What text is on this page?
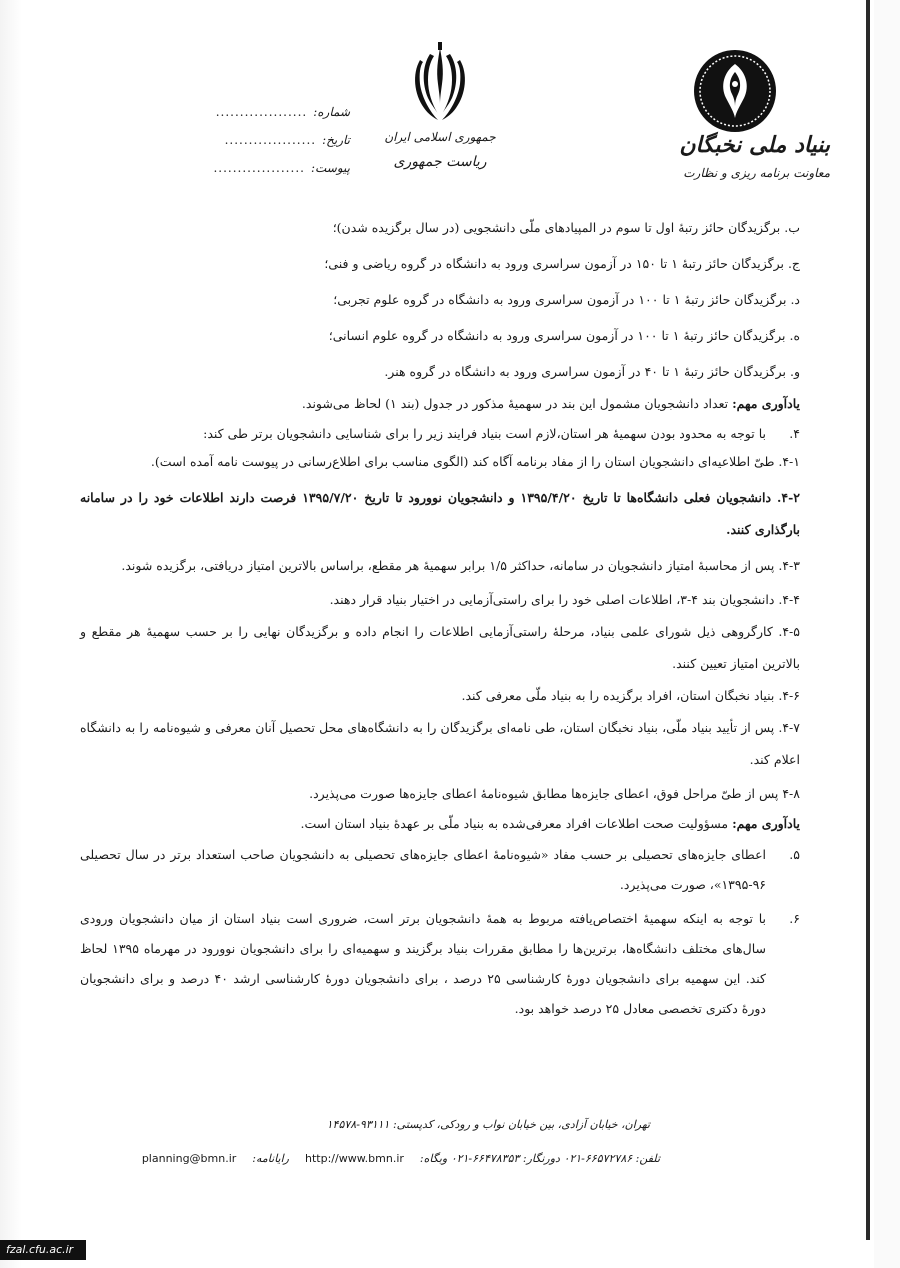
شماره:
...................
تاریخ:
...................
پیوست:
...................
جمهوری اسلامی ایران
ریاست جمهوری
بنیاد ملی نخبگان
معاونت برنامه ریزی و نظارت

ب. برگزیدگان حائز رتبهٔ اول تا سوم در المپیادهای ملّی دانشجویی (در سال برگزیده شدن)؛

ج. برگزیدگان حائز رتبهٔ ۱ تا ۱۵۰ در آزمون سراسری ورود به دانشگاه در گروه ریاضی و فنی؛

د. برگزیدگان حائز رتبهٔ ۱ تا ۱۰۰ در آزمون سراسری ورود به دانشگاه در گروه علوم تجربی؛

ه. برگزیدگان حائز رتبهٔ ۱ تا ۱۰۰ در آزمون سراسری ورود به دانشگاه در گروه علوم انسانی؛

و. برگزیدگان حائز رتبهٔ ۱ تا ۴۰ در آزمون سراسری ورود به دانشگاه در گروه هنر.

یادآوری مهم: تعداد دانشجویان مشمول این بند در سهمیهٔ مذکور در جدول (بند ۱) لحاظ می‌شوند.

۴.
با توجه به محدود بودن سهمیهٔ هر استان،لازم است بنیاد فرایند زیر را برای شناسایی دانشجویان برتر طی کند:

۴-۱. طیّ اطلاعیه‌ای دانشجویان استان را از مفاد برنامه آگاه کند (الگوی مناسب برای اطلاع‌رسانی در پیوست نامه آمده است).

۴-۲. دانشجویان فعلی دانشگاه‌ها تا تاریخ ۱۳۹۵/۴/۲۰ و دانشجویان نوورود تا تاریخ ۱۳۹۵/۷/۲۰ فرصت دارند اطلاعات خود را در سامانه بارگذاری کنند.

۴-۳. پس از محاسبهٔ امتیاز دانشجویان در سامانه، حداکثر ۱/۵ برابر سهمیهٔ هر مقطع، براساس بالاترین امتیاز دریافتی، برگزیده شوند.

۴-۴. دانشجویان بند ۴-۳، اطلاعات اصلی خود را برای راستی‌آزمایی در اختیار بنیاد قرار دهند.

۴-۵. کارگروهی ذیل شورای علمی بنیاد، مرحلهٔ راستی‌آزمایی اطلاعات را انجام داده و برگزیدگان نهایی را بر حسب سهمیهٔ هر مقطع و بالاترین امتیاز تعیین کنند.

۴-۶. بنیاد نخبگان استان، افراد برگزیده را به بنیاد ملّی معرفی کند.

۴-۷. پس از تأیید بنیاد ملّی، بنیاد نخبگان استان، طی نامه‌ای برگزیدگان را به دانشگاه‌های محل تحصیل آنان معرفی و شیوه‌نامه را به دانشگاه اعلام کند.

۴-۸ پس از طیّ مراحل فوق، اعطای جایزه‌ها مطابق شیوه‌نامهٔ اعطای جایزه‌ها صورت می‌پذیرد.

یادآوری مهم: مسؤولیت صحت اطلاعات افراد معرفی‌شده به بنیاد ملّی بر عهدهٔ بنیاد استان است.

۵.
اعطای جایزه‌های تحصیلی بر حسب مفاد «شیوه‌نامهٔ اعطای جایزه‌های تحصیلی به دانشجویان صاحب استعداد برتر در سال تحصیلی ۹۶-۱۳۹۵»، صورت می‌پذیرد.
۶.
با توجه به اینکه سهمیهٔ اختصاص‌یافته مربوط به همهٔ دانشجویان برتر است، ضروری است بنیاد استان از میان دانشجویان ورودی سال‌های مختلف دانشگاه‌ها، برترین‌ها را مطابق مقررات بنیاد برگزیند و سهمیه‌ای را برای دانشجویان نوورود در مهرماه ۱۳۹۵ لحاظ کند. این سهمیه برای دانشجویان دورهٔ کارشناسی ۲۵ درصد ، برای دانشجویان دورهٔ کارشناسی ارشد ۴۰ درصد و برای دانشجویان دورهٔ دکتری تخصصی معادل ۲۵ درصد خواهد بود.
تهران، خیابان آزادی، بین خیابان نواب و رودکی، کدپستی: ۹۳۱۱۱-۱۴۵۷۸
تلفن: ۶۶۵۷۲۷۸۶-۰۲۱ دورنگار: ۶۶۴۷۸۳۵۳-۰۲۱ وبگاه:
http://www.bmn.ir
رایانامه:
planning@bmn.ir
fzal.cfu.ac.ir
